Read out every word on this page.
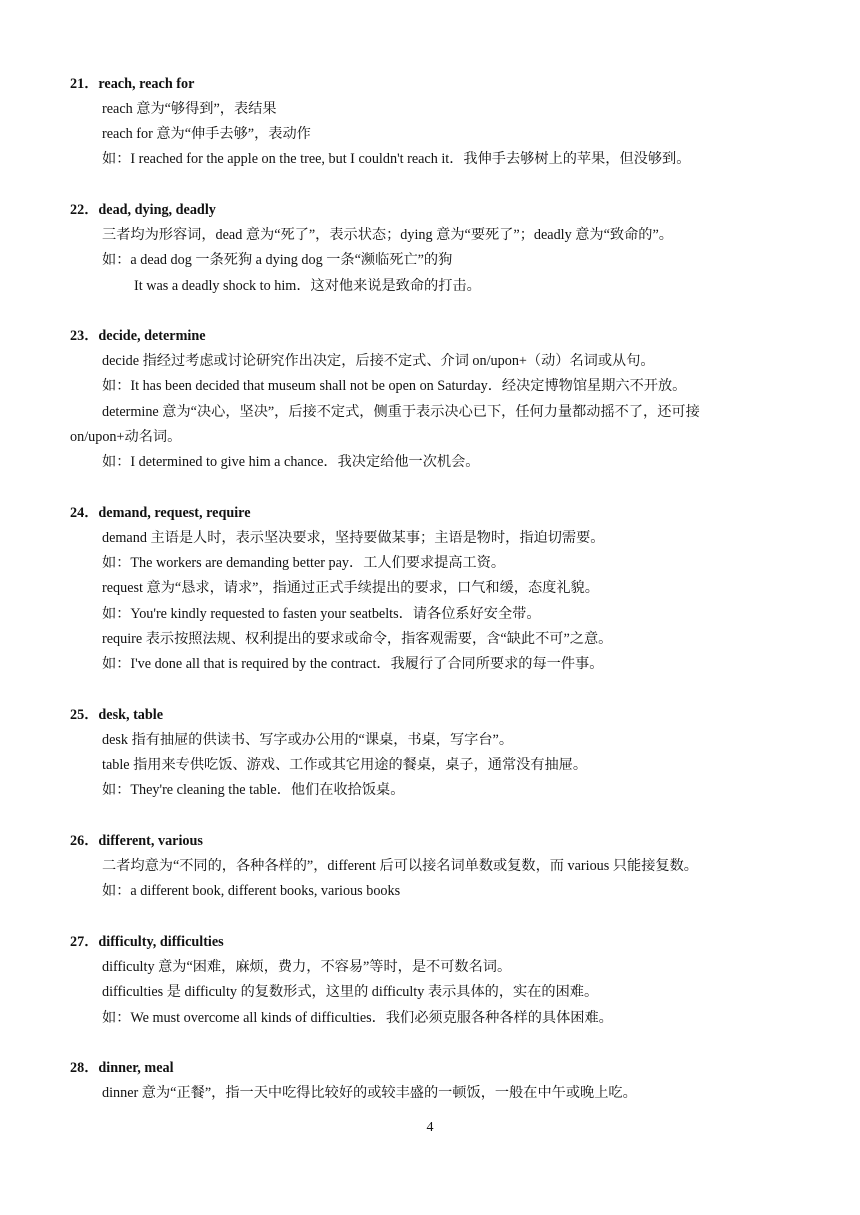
21．reach, reach for
reach 意为“够得到”，表结果
reach for 意为“伸手去够”，表动作
如：I reached for the apple on the tree, but I couldn't reach it．我伸手去够树上的苹果，但没够到。
22．dead, dying, deadly
三者均为形容词，dead 意为“死了”，表示状态；dying 意为“要死了”；deadly 意为“致命的”。
如：a dead dog 一条死狗 a dying dog 一条“濒临死亡”的狗
It was a deadly shock to him．这对他来说是致命的打击。
23．decide, determine
decide 指经过考虑或讨论研究作出决定，后接不定式、介词 on/upon+（动）名词或从句。
如：It has been decided that museum shall not be open on Saturday．经决定博物馆星期六不开放。
determine 意为“决心，坚决”，后接不定式，侧重于表示决心已下，任何力量都动摇不了，还可接
on/upon+动名词。
如：I determined to give him a chance．我决定给他一次机会。
24．demand, request, require
demand 主语是人时，表示坚决要求，坚持要做某事；主语是物时，指迫切需要。
如：The workers are demanding better pay．工人们要求提高工资。
request 意为“恳求，请求”，指通过正式手续提出的要求，口气和缓，态度礼貌。
如：You're kindly requested to fasten your seatbelts．请各位系好安全带。
require 表示按照法规、权利提出的要求或命令，指客观需要，含“缺此不可”之意。
如：I've done all that is required by the contract．我履行了合同所要求的每一件事。
25．desk, table
desk 指有抽屉的供读书、写字或办公用的“课桌，书桌，写字台”。
table 指用来专供吃饭、游戏、工作或其它用途的餐桌，桌子，通常没有抽屉。
如：They're cleaning the table．他们在收拾饭桌。
26．different, various
二者均意为“不同的，各种各样的”，different 后可以接名词单数或复数，而 various 只能接复数。
如：a different book, different books, various books
27．difficulty, difficulties
difficulty 意为“困难，麻烦，费力，不容易”等时，是不可数名词。
difficulties 是 difficulty 的复数形式，这里的 difficulty 表示具体的，实在的困难。
如：We must overcome all kinds of difficulties．我们必须克服各种各样的具体困难。
28．dinner, meal
dinner 意为“正餐”，指一天中吃得比较好的或较丰盛的一顿饭，一般在中午或晚上吃。
4
